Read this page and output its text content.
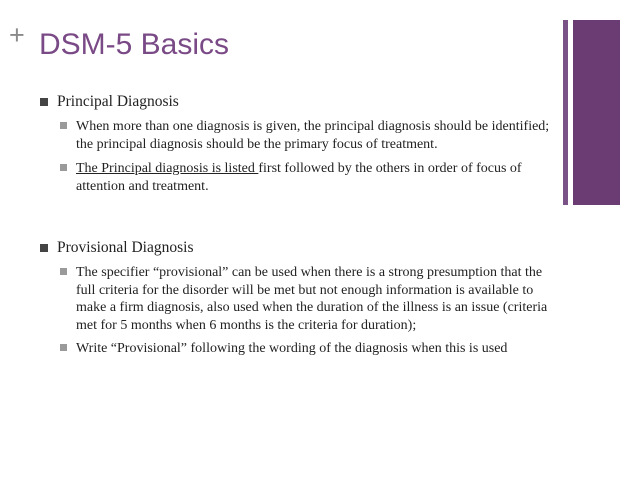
+ DSM-5 Basics

Principal Diagnosis

When more than one diagnosis is given, the principal diagnosis should be identified; the principal diagnosis should be the primary focus of treatment.

The Principal diagnosis is listed first followed by the others in order of focus of attention and treatment.

Provisional Diagnosis

The specifier “provisional” can be used when there is a strong presumption that the full criteria for the disorder will be met but not enough information is available to make a firm diagnosis, also used when the duration of the illness is an issue (criteria met for 5 months when 6 months is the criteria for duration);

Write “Provisional” following the wording of the diagnosis when this is used
